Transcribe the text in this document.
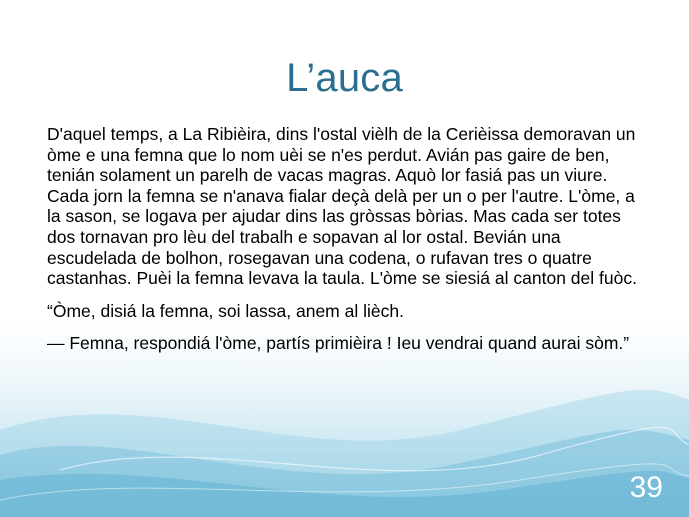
L’auca

D'aquel temps, a La Ribièira, dins l'ostal vièlh de la Cerièissa demoravan un òme e una femna que lo nom uèi se n'es perdut. Avián pas gaire de ben, tenián solament un parelh de vacas magras. Aquò lor fasiá pas un viure. Cada jorn la femna se n'anava fialar deçà delà per un o per l'autre. L'òme, a la sason, se logava per ajudar dins las gròssas bòrias. Mas cada ser totes dos tornavan pro lèu del trabalh e sopavan al lor ostal. Bevián una escudelada de bolhon, rosegavan una codena, o rufavan tres o quatre castanhas. Puèi la femna levava la taula. L'òme se siesiá al canton del fuòc.

“Òme, disiá la femna, soi lassa, anem al lièch.

— Femna, respondiá l'òme, partís primièira ! Ieu vendrai quand aurai sòm.”

39
